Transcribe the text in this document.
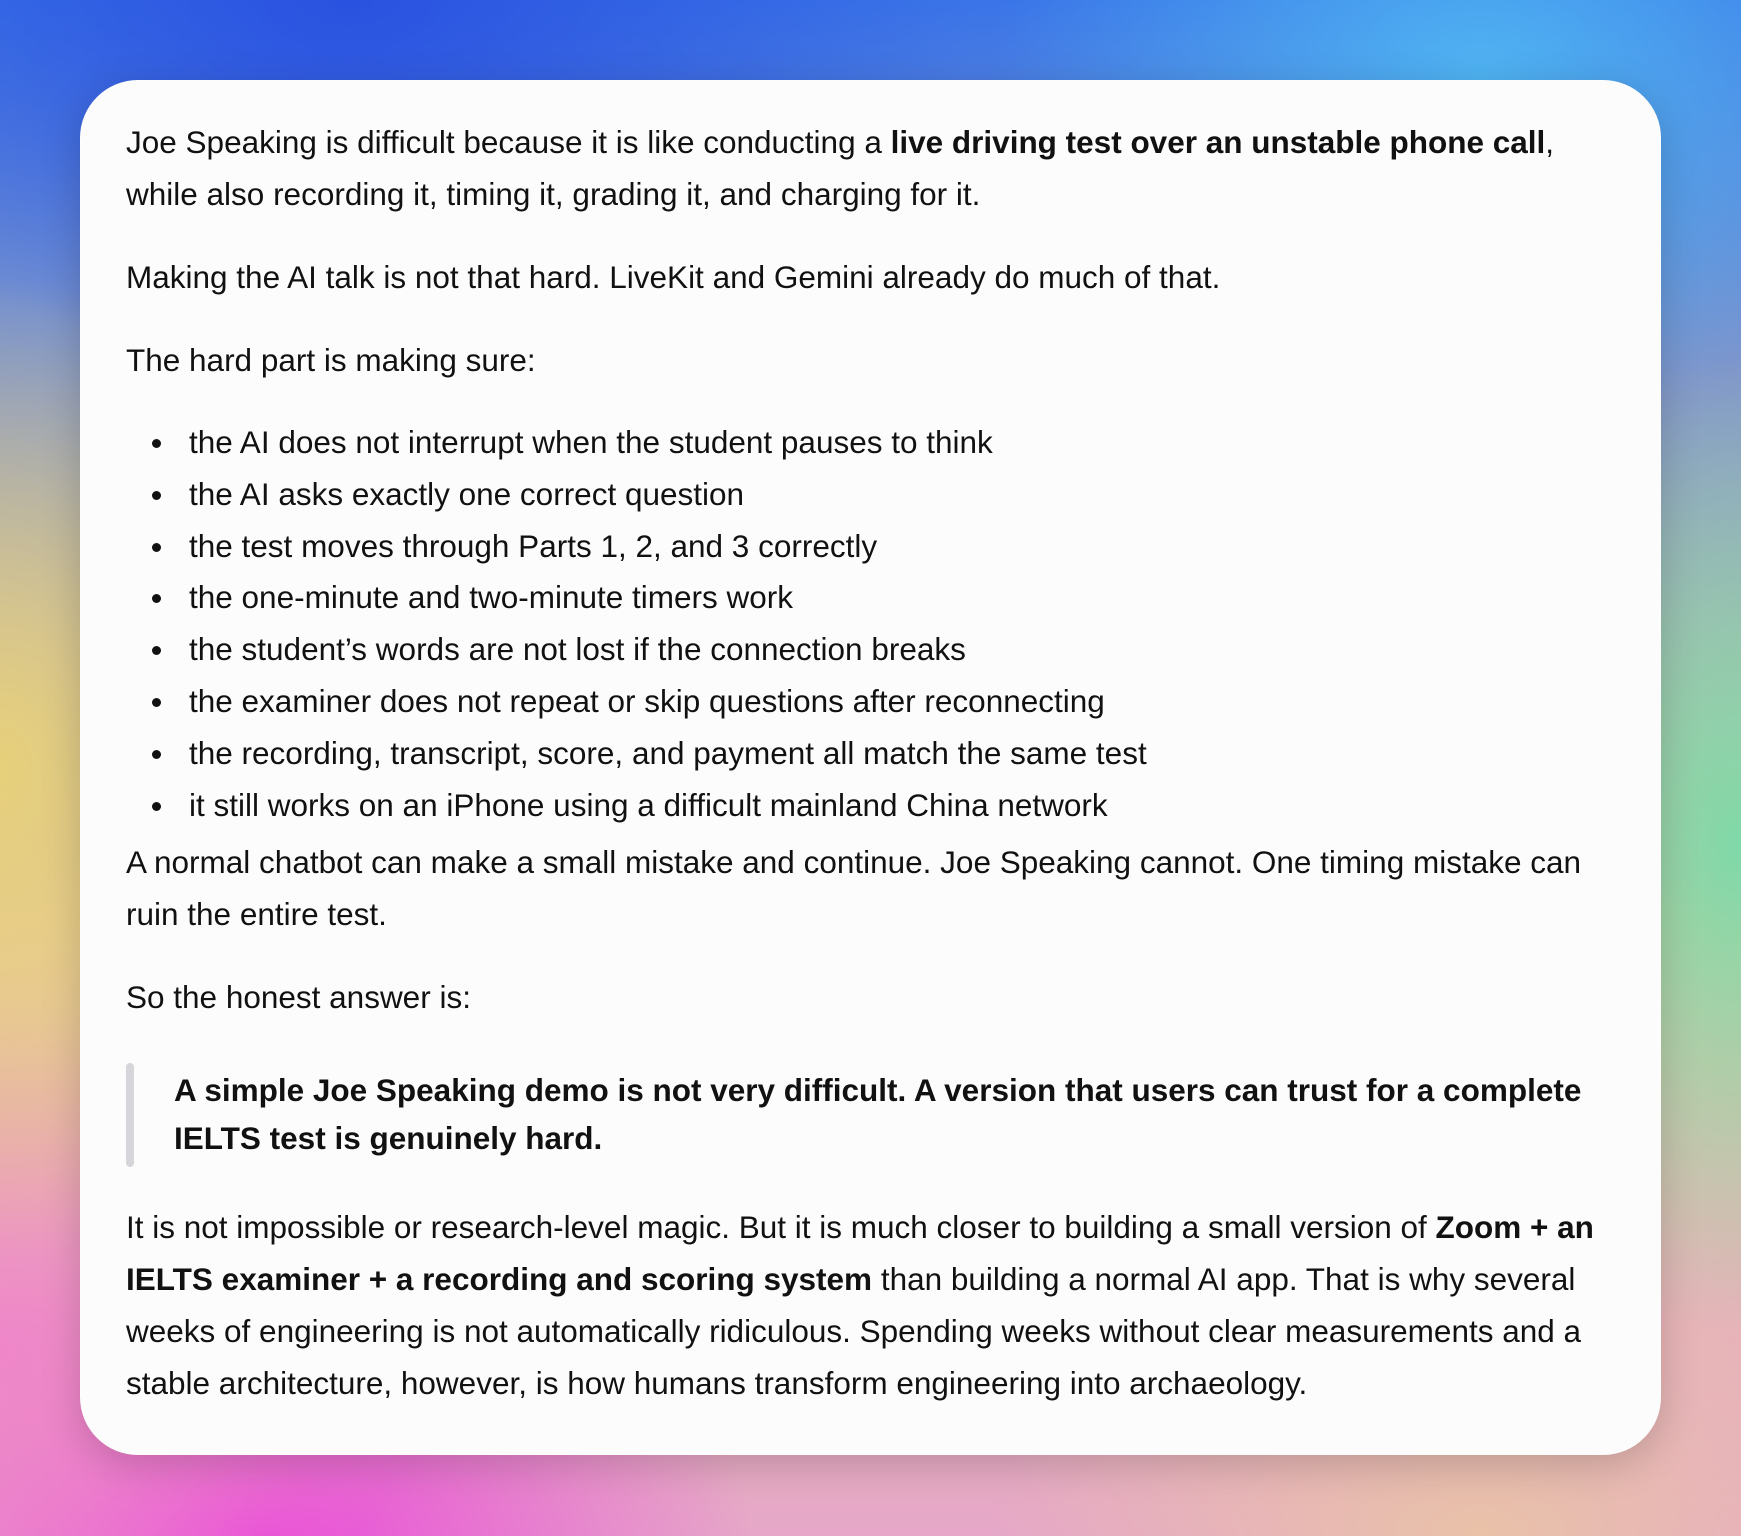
Joe Speaking is difficult because it is like conducting a live driving test over an unstable phone call, while also recording it, timing it, grading it, and charging for it.

Making the AI talk is not that hard. LiveKit and Gemini already do much of that.

The hard part is making sure:

the AI does not interrupt when the student pauses to think
the AI asks exactly one correct question
the test moves through Parts 1, 2, and 3 correctly
the one-minute and two-minute timers work
the student’s words are not lost if the connection breaks
the examiner does not repeat or skip questions after reconnecting
the recording, transcript, score, and payment all match the same test
it still works on an iPhone using a difficult mainland China network

A normal chatbot can make a small mistake and continue. Joe Speaking cannot. One timing mistake can ruin the entire test.

So the honest answer is:

A simple Joe Speaking demo is not very difficult. A version that users can trust for a complete IELTS test is genuinely hard.

It is not impossible or research-level magic. But it is much closer to building a small version of Zoom + an IELTS examiner + a recording and scoring system than building a normal AI app. That is why several weeks of engineering is not automatically ridiculous. Spending weeks without clear measurements and a stable architecture, however, is how humans transform engineering into archaeology.
